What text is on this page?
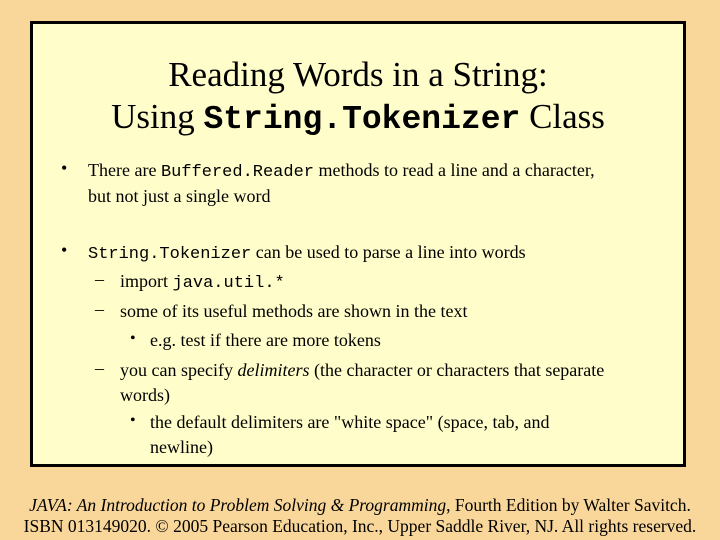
Reading Words in a String:
Using String.Tokenizer Class
• There are Buffered.Reader methods to read a line and a character,
but not just a single word
• String.Tokenizer can be used to parse a line into words
– import java.util.*
– some of its useful methods are shown in the text
• e.g. test if there are more tokens
– you can specify delimiters (the character or characters that separate
words)
• the default delimiters are "white space" (space, tab, and
newline)
JAVA: An Introduction to Problem Solving & Programming, Fourth Edition by Walter Savitch.
ISBN 013149020. © 2005 Pearson Education, Inc., Upper Saddle River, NJ. All rights reserved.
